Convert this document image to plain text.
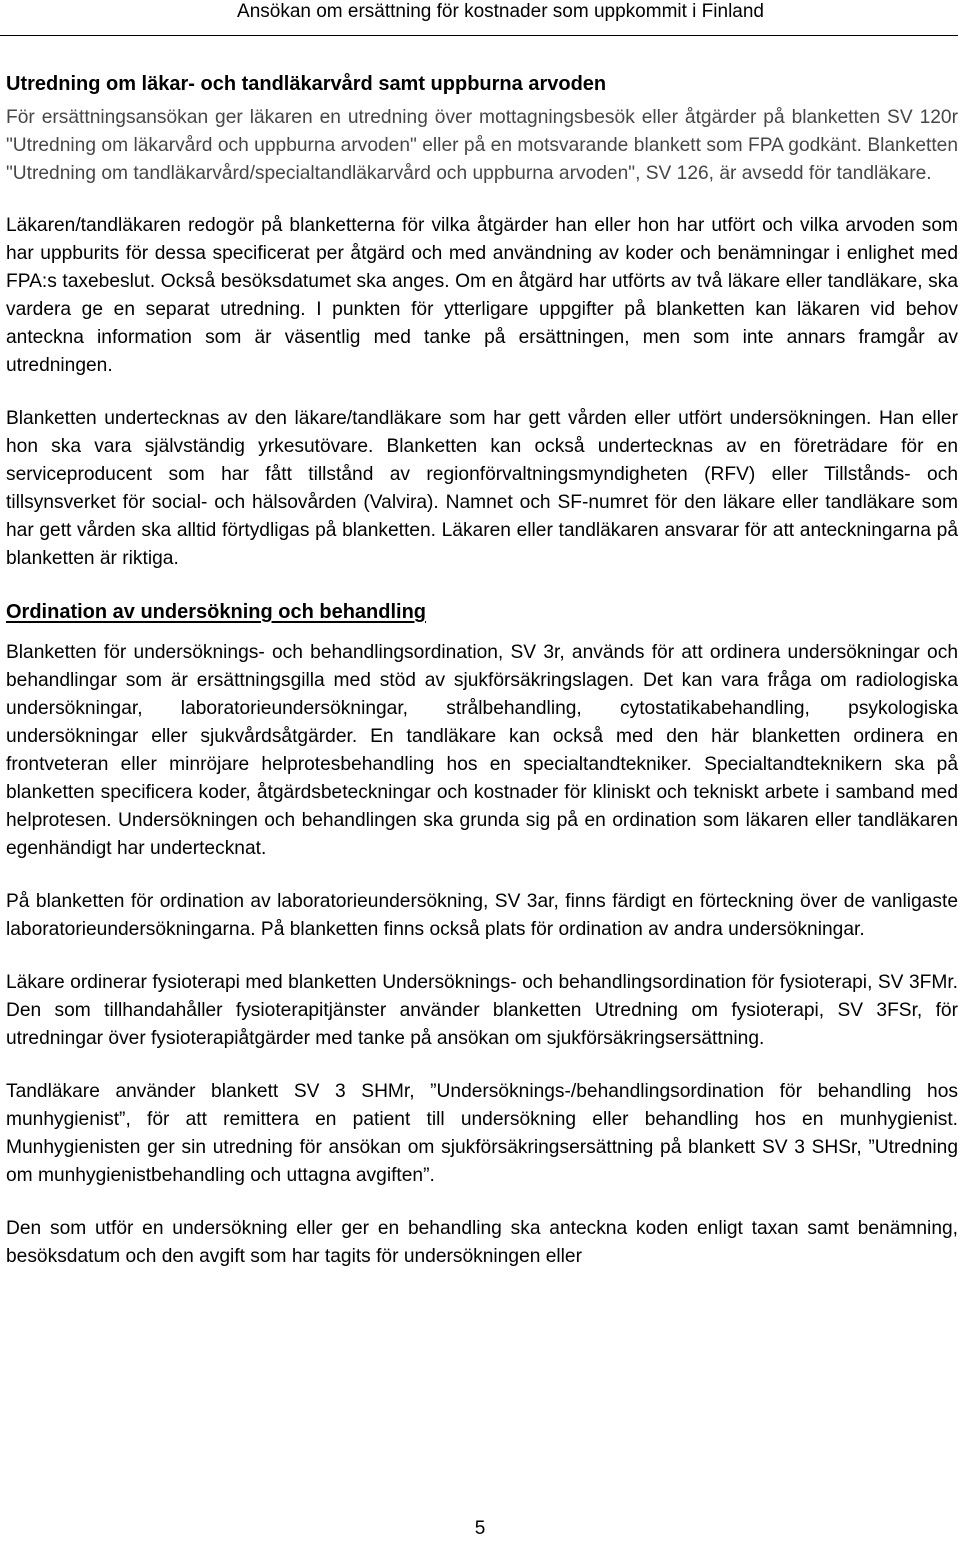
Ansökan om ersättning för kostnader som uppkommit i Finland
Utredning om läkar- och tandläkarvård samt uppburna arvoden

För ersättningsansökan ger läkaren en utredning över mottagningsbesök eller åtgärder på blanketten SV 120r "Utredning om läkarvård och uppburna arvoden" eller på en motsvarande blankett som FPA godkänt. Blanketten "Utredning om tandläkarvård/specialtandläkarvård och uppburna arvoden", SV 126, är avsedd för tandläkare.

Läkaren/tandläkaren redogör på blanketterna för vilka åtgärder han eller hon har utfört och vilka arvoden som har uppburits för dessa specificerat per åtgärd och med användning av koder och benämningar i enlighet med FPA:s taxebeslut. Också besöksdatumet ska anges. Om en åtgärd har utförts av två läkare eller tandläkare, ska vardera ge en separat utredning. I punkten för ytterligare uppgifter på blanketten kan läkaren vid behov anteckna information som är väsentlig med tanke på ersättningen, men som inte annars framgår av utredningen.

Blanketten undertecknas av den läkare/tandläkare som har gett vården eller utfört undersökningen. Han eller hon ska vara självständig yrkesutövare. Blanketten kan också undertecknas av en företrädare för en serviceproducent som har fått tillstånd av regionförvaltningsmyndigheten (RFV) eller Tillstånds- och tillsynsverket för social- och hälsovården (Valvira). Namnet och SF-numret för den läkare eller tandläkare som har gett vården ska alltid förtydligas på blanketten. Läkaren eller tandläkaren ansvarar för att anteckningarna på blanketten är riktiga.

Ordination av undersökning och behandling

Blanketten för undersöknings- och behandlingsordination, SV 3r, används för att ordinera undersökningar och behandlingar som är ersättningsgilla med stöd av sjukförsäkringslagen. Det kan vara fråga om radiologiska undersökningar, laboratorieundersökningar, strålbehandling, cytostatikabehandling, psykologiska undersökningar eller sjukvårdsåtgärder. En tandläkare kan också med den här blanketten ordinera en frontveteran eller minröjare helprotesbehandling hos en specialtandtekniker. Specialtandteknikern ska på blanketten specificera koder, åtgärdsbeteckningar och kostnader för kliniskt och tekniskt arbete i samband med helprotesen. Undersökningen och behandlingen ska grunda sig på en ordination som läkaren eller tandläkaren egenhändigt har undertecknat.

På blanketten för ordination av laboratorieundersökning, SV 3ar, finns färdigt en förteckning över de vanligaste laboratorieundersökningarna. På blanketten finns också plats för ordination av andra undersökningar.

Läkare ordinerar fysioterapi med blanketten Undersöknings- och behandlingsordination för fysioterapi, SV 3FMr. Den som tillhandahåller fysioterapitjänster använder blanketten Utredning om fysioterapi, SV 3FSr, för utredningar över fysioterapiåtgärder med tanke på ansökan om sjukförsäkringsersättning.

Tandläkare använder blankett SV 3 SHMr, ”Undersöknings-/behandlingsordination för behandling hos munhygienist”, för att remittera en patient till undersökning eller behandling hos en munhygienist. Munhygienisten ger sin utredning för ansökan om sjukförsäkringsersättning på blankett SV 3 SHSr, ”Utredning om munhygienistbehandling och uttagna avgiften”.

Den som utför en undersökning eller ger en behandling ska anteckna koden enligt taxan samt benämning, besöksdatum och den avgift som har tagits för undersökningen eller

5
